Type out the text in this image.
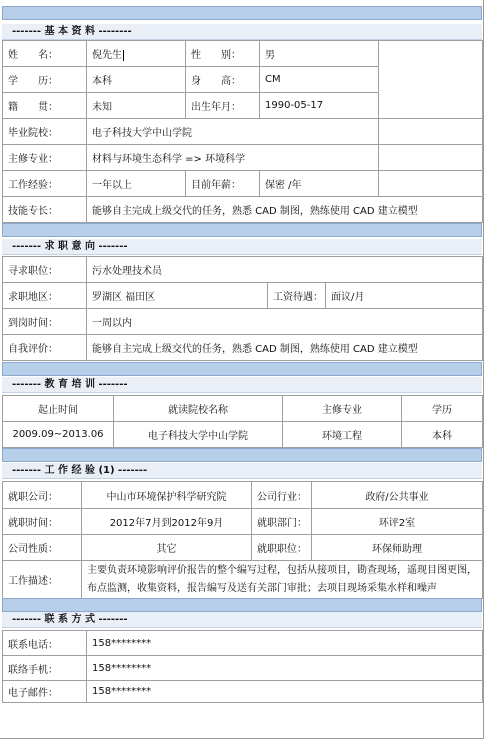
------- 基 本 资 料 --------
姓　　名：	倪先生	性　　别：	男	
学　　历：	本科	身　　高：	CM	
籍　　贯：	未知	出生年月：	1990-05-17	
毕业院校：	电子科技大学中山学院			
主修专业：	材料与环境生态科学 => 环境科学			
工作经验：	一年以上	目前年薪：	保密 /年	
技能专长：	能够自主完成上级交代的任务，熟悉 CAD 制图，熟练使用 CAD 建立模型			
------- 求 职 意 向 -------
寻求职位：	污水处理技术员		
求职地区：	罗湖区 福田区	工资待遇：	面议/月
到岗时间：	一周以内		
自我评价：	能够自主完成上级交代的任务，熟悉 CAD 制图，熟练使用 CAD 建立模型		
------- 教 育 培 训 -------
起止时间	就读院校名称	主修专业	学历
2009.09~2013.06	电子科技大学中山学院	环境工程	本科
------- 工 作 经 验 (1) -------
就职公司：	中山市环境保护科学研究院	公司行业：	政府/公共事业
就职时间：	2012年7月到2012年9月	就职部门：	环评2室
公司性质：	其它	就职职位：	环保师助理
工作描述：	主要负责环境影响评价报告的整个编写过程，包括从接项目，勘查现场，遥现目图更图，布点监测，收集资料，报告编写及送有关部门审批；去项目现场采集水样和噪声		
------- 联 系 方 式 -------
联系电话：	158********
联络手机：	158********
电子邮件：	158********
